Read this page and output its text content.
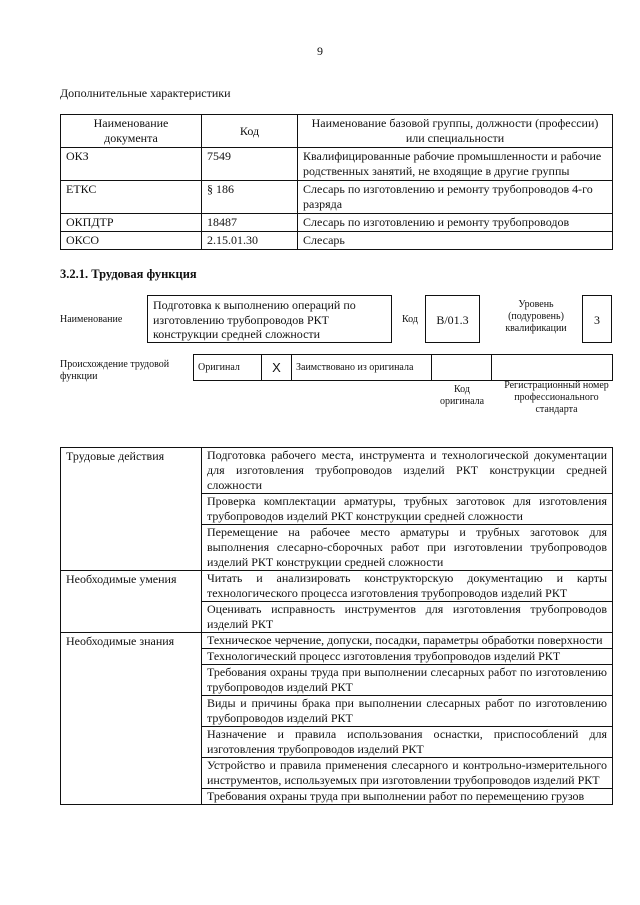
9
Дополнительные характеристики
Наименование документа	Код	Наименование базовой группы, должности (профессии) или специальности
ОКЗ	7549	Квалифицированные рабочие промышленности и рабочие родственных занятий, не входящие в другие группы
ЕТКС	§ 186	Слесарь по изготовлению и ремонту трубопроводов 4-го разряда
ОКПДТР	18487	Слесарь по изготовлению и ремонту трубопроводов
ОКСО	2.15.01.30	Слесарь
3.2.1. Трудовая функция
Наименование
Подготовка к выполнению операций по изготовлению трубопроводов РКТ конструкции средней сложности
Код	B/01.3
Уровень (подуровень) квалификации
3
Происхождение трудовой функции
Оригинал	X	Заимствовано из оригинала		
Код оригинала
Регистрационный номер профессионального стандарта
Трудовые действия	Подготовка рабочего места, инструмента и технологической документации для изготовления трубопроводов изделий РКТ конструкции средней сложности
	Проверка комплектации арматуры, трубных заготовок для изготовления трубопроводов изделий РКТ конструкции средней сложности
	Перемещение на рабочее место арматуры и трубных заготовок для выполнения слесарно-сборочных работ при изготовлении трубопроводов изделий РКТ конструкции средней сложности
Необходимые умения	Читать и анализировать конструкторскую документацию и карты технологического процесса изготовления трубопроводов изделий РКТ
	Оценивать исправность инструментов для изготовления трубопроводов изделий РКТ
Необходимые знания	Техническое черчение, допуски, посадки, параметры обработки поверхности
	Технологический процесс изготовления трубопроводов изделий РКТ
	Требования охраны труда при выполнении слесарных работ по изготовлению трубопроводов изделий РКТ
	Виды и причины брака при выполнении слесарных работ по изготовлению трубопроводов изделий РКТ
	Назначение и правила использования оснастки, приспособлений для изготовления трубопроводов изделий РКТ
	Устройство и правила применения слесарного и контрольно-измерительного инструментов, используемых при изготовлении трубопроводов изделий РКТ
	Требования охраны труда при выполнении работ по перемещению грузов
